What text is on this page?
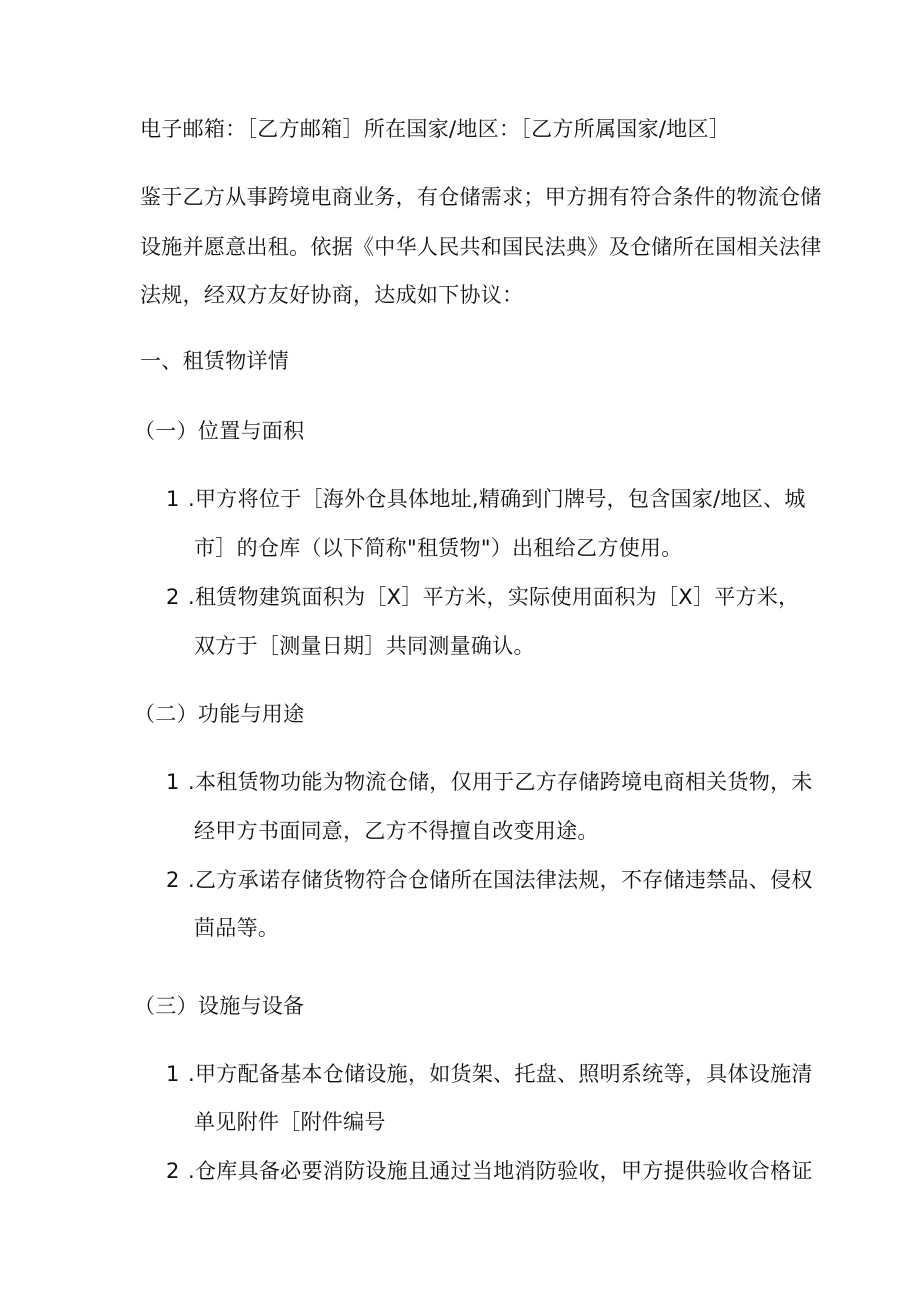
电子邮箱：［乙方邮箱］所在国家/地区：［乙方所属国家/地区］
鉴于乙方从事跨境电商业务，有仓储需求；甲方拥有符合条件的物流仓储
设施并愿意出租。依据《中华人民共和国民法典》及仓储所在国相关法律
法规，经双方友好协商，达成如下协议：
一、租赁物详情
（一）位置与面积
1 .甲方将位于［海外仓具体地址,精确到门牌号，包含国家/地区、城
市］的仓库（以下简称"租赁物"）出租给乙方使用。
2 .租赁物建筑面积为［X］平方米，实际使用面积为［X］平方米，
双方于［测量日期］共同测量确认。
（二）功能与用途
1 .本租赁物功能为物流仓储，仅用于乙方存储跨境电商相关货物，未
经甲方书面同意，乙方不得擅自改变用途。
2 .乙方承诺存储货物符合仓储所在国法律法规，不存储违禁品、侵权
茴品等。
（三）设施与设备
1 .甲方配备基本仓储设施，如货架、托盘、照明系统等，具体设施清
单见附件［附件编号
2 .仓库具备必要消防设施且通过当地消防验收，甲方提供验收合格证
